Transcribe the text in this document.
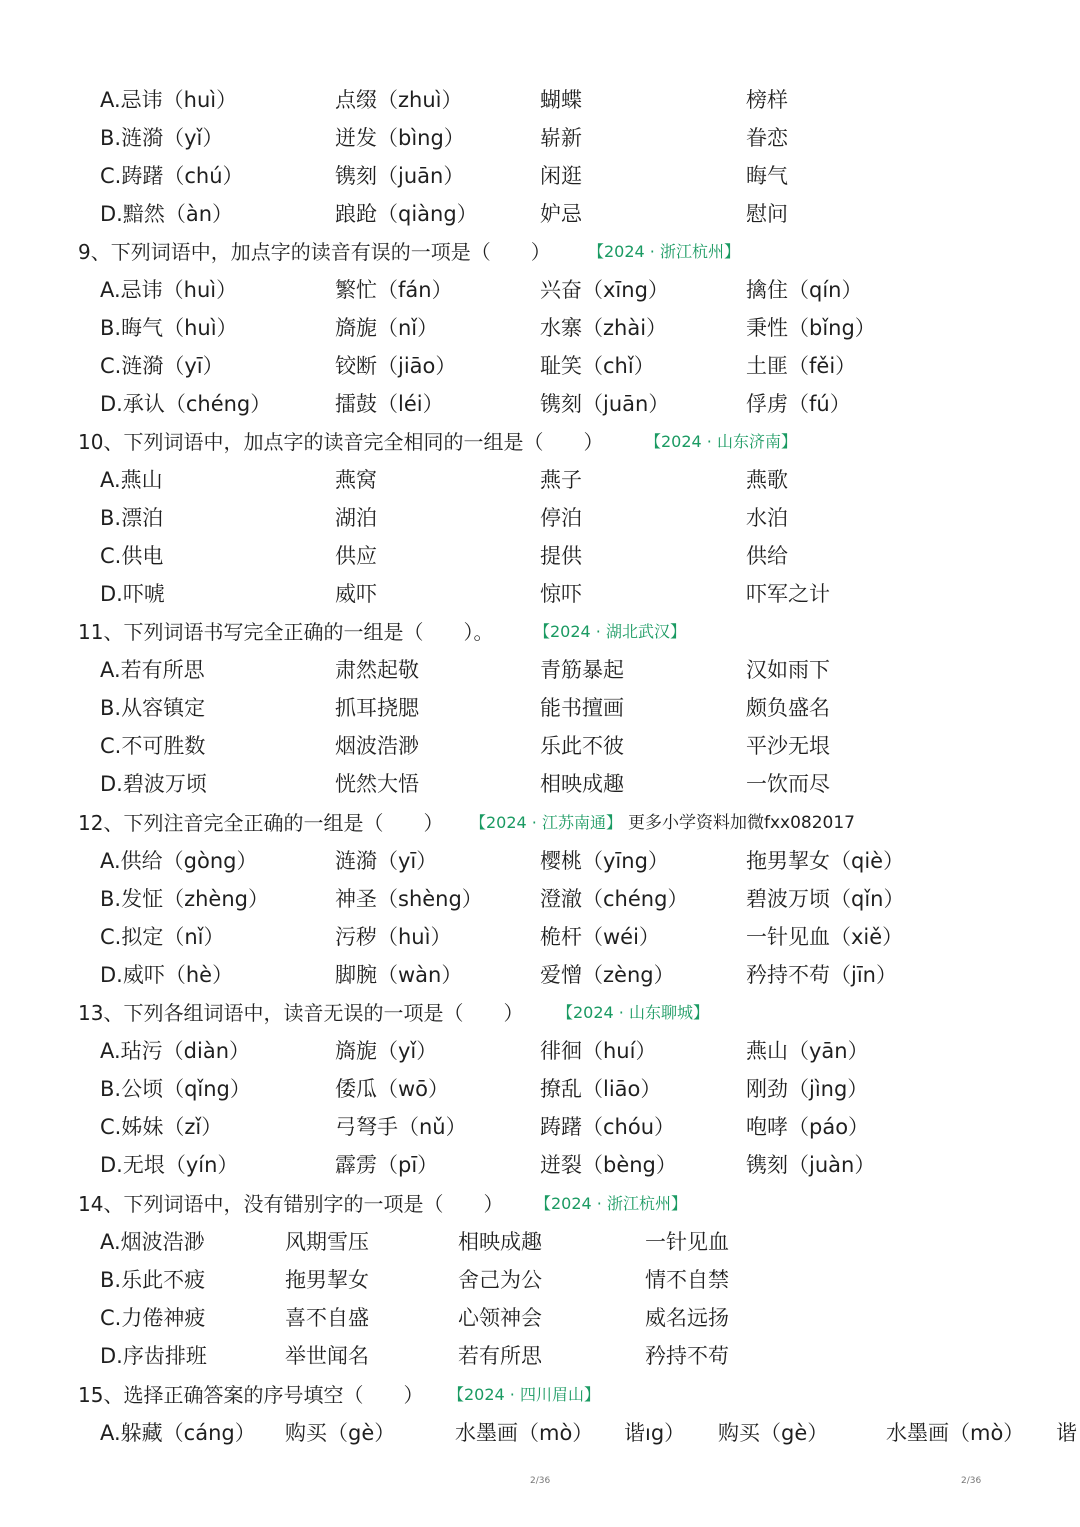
A.忌讳（huì）	点缀（zhuì）	蝴蝶	榜样
B.涟漪（yǐ）	迸发（bìng）	崭新	眷恋
C.踌躇（chú）	镌刻（juān）	闲逛	晦气
D.黯然（àn）	踉跄（qiàng）	妒忌	慰问
9、下列词语中，加点字的读音有误的一项是（　　） 【2024 · 浙江杭州】
A.忌讳（huì）	繁忙（fán）	兴奋（xīng）	擒住（qín）
B.晦气（huì）	旖旎（nǐ）	水寨（zhài）	秉性（bǐng）
C.涟漪（yī）	铰断（jiāo）	耻笑（chǐ）	土匪（fěi）
D.承认（chéng）	擂鼓（léi）	镌刻（juān）	俘虏（fú）
10、下列词语中，加点字的读音完全相同的一组是（　　）	【2024 · 山东济南】
A.燕山	燕窝	燕子	燕歌
B.漂泊	湖泊	停泊	水泊
C.供电	供应	提供	供给
D.吓唬	威吓	惊吓	吓军之计
11、下列词语书写完全正确的一组是（　　）。	【2024 · 湖北武汉】
A.若有所思	肃然起敬	青筋暴起	汉如雨下
B.从容镇定	抓耳挠腮	能书擅画	颇负盛名
C.不可胜数	烟波浩渺	乐此不彼	平沙无垠
D.碧波万顷	恍然大悟	相映成趣	一饮而尽
12、下列注音完全正确的一组是（　　） 【2024 · 江苏南通】 更多小学资料加微fxx082017
A.供给（gòng）	涟漪（yī）	樱桃（yīng）	拖男挈女（qiè）
B.发怔（zhèng）	神圣（shèng）	澄澈（chéng）	碧波万顷（qǐn）
C.拟定（nǐ）	污秽（huì）	桅杆（wéi）	一针见血（xiě）
D.威吓（hè）	脚腕（wàn）	爱憎（zèng）	矜持不苟（jīn）
13、下列各组词语中，读音无误的一项是（　　） 【2024 · 山东聊城】
A.玷污（diàn）	旖旎（yǐ）	徘徊（huí）	燕山（yān）
B.公顷（qǐng）	倭瓜（wō）	撩乱（liāo）	刚劲（jìng）
C.姊妹（zǐ）	弓弩手（nǔ）	踌躇（chóu）	咆哮（páo）
D.无垠（yín）	霹雳（pī）	迸裂（bèng）	镌刻（juàn）
14、下列词语中，没有错别字的一项是（　　） 【2024 · 浙江杭州】
A.烟波浩渺	风期雪压	相映成趣	一针见血
B.乐此不疲	拖男挈女	舍己为公	情不自禁
C.力倦神疲	喜不自盛	心领神会	威名远扬
D.序齿排班	举世闻名	若有所思	矜持不苟
15、选择正确答案的序号填空（　　） 【2024 · 四川眉山】
A.躲藏（cáng） 购买（gè）	水墨画（mò） 谐ıg） 购买（gè）	水墨画（mò） 谐
2/36	2/36
